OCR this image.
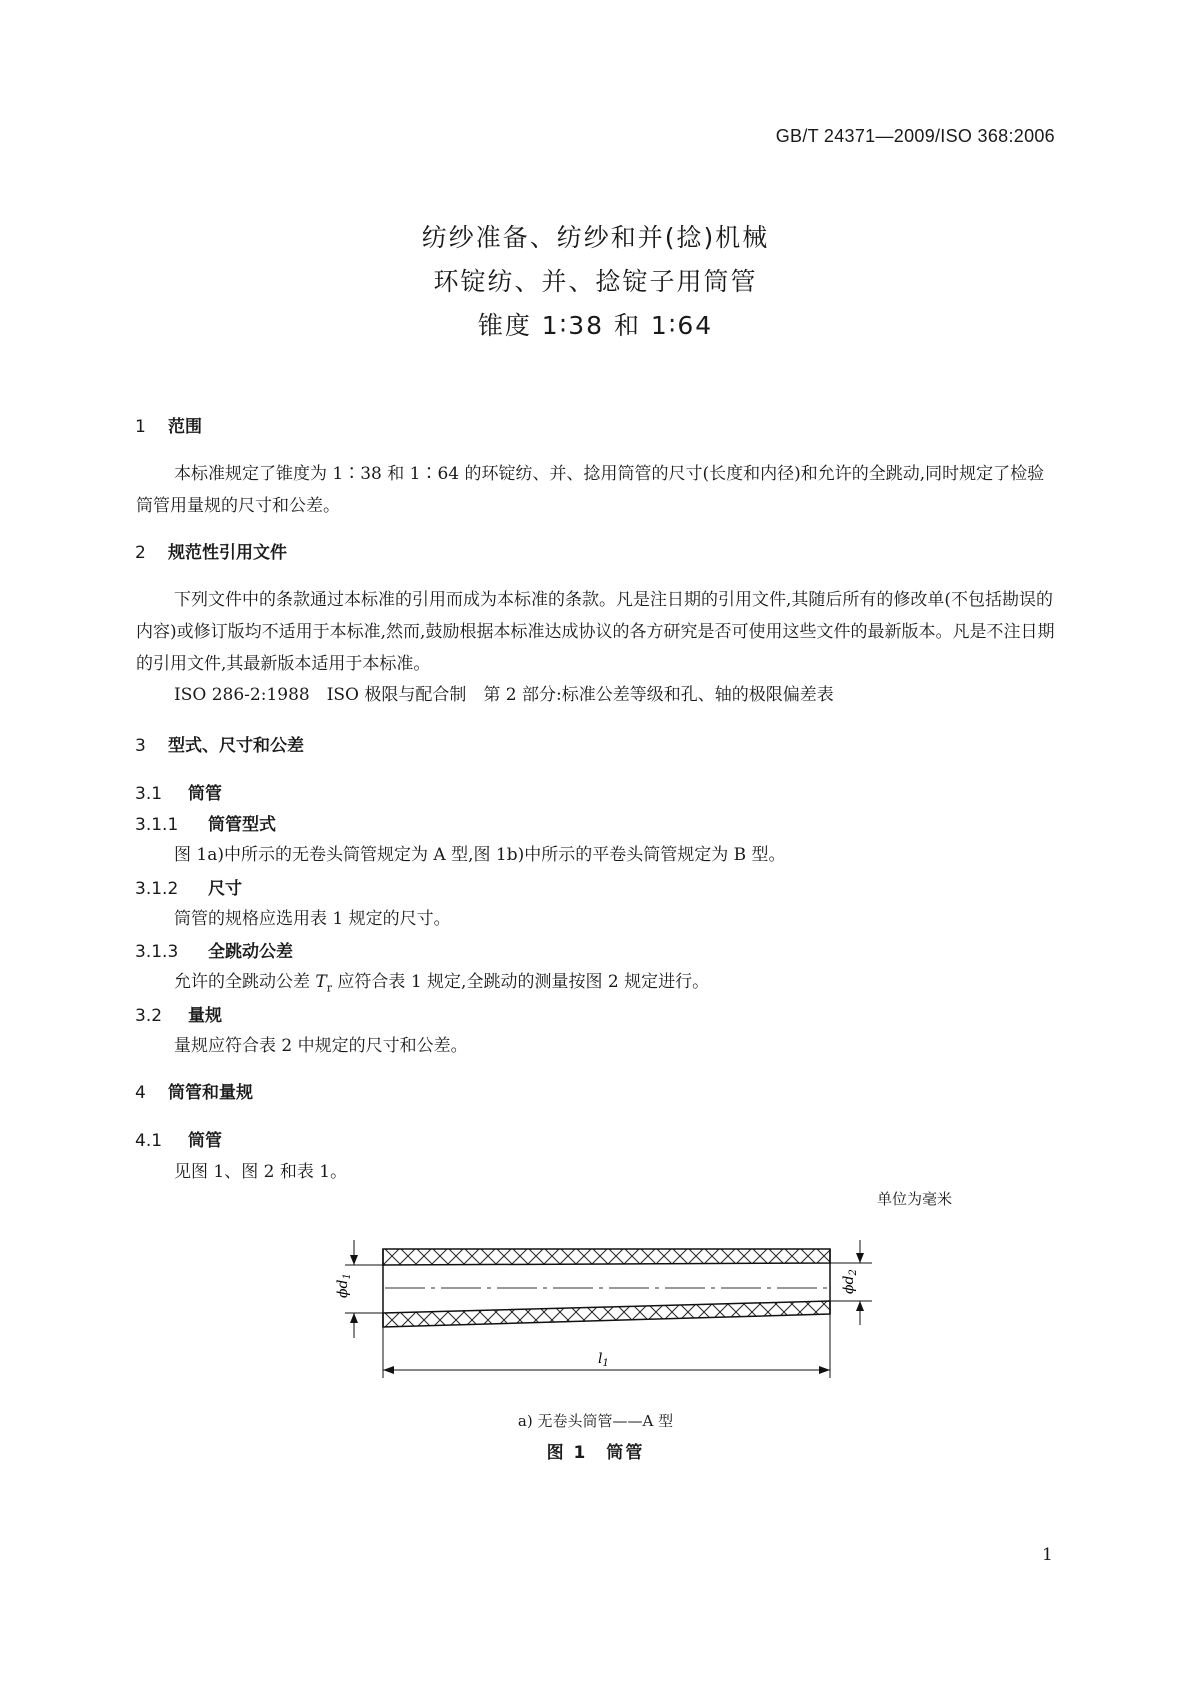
GB/T 24371—2009/ISO 368:2006
纺纱准备、纺纱和并(捻)机械
环锭纺、并、捻锭子用筒管
锥度 1∶38 和 1∶64
1 范围
本标准规定了锥度为 1∶38 和 1∶64 的环锭纺、并、捻用筒管的尺寸(长度和内径)和允许的全跳动,同时规定了检验筒管用量规的尺寸和公差。
2 规范性引用文件
下列文件中的条款通过本标准的引用而成为本标准的条款。凡是注日期的引用文件,其随后所有的修改单(不包括勘误的内容)或修订版均不适用于本标准,然而,鼓励根据本标准达成协议的各方研究是否可使用这些文件的最新版本。凡是不注日期的引用文件,其最新版本适用于本标准。
ISO 286-2:1988　ISO 极限与配合制　第 2 部分:标准公差等级和孔、轴的极限偏差表
3 型式、尺寸和公差
3.1 筒管
3.1.1 筒管型式
图 1a)中所示的无卷头筒管规定为 A 型,图 1b)中所示的平卷头筒管规定为 B 型。
3.1.2 尺寸
筒管的规格应选用表 1 规定的尺寸。
3.1.3 全跳动公差
允许的全跳动公差 $T_r$ 应符合表 1 规定,全跳动的测量按图 2 规定进行。
3.2 量规
量规应符合表 2 中规定的尺寸和公差。
4 筒管和量规
4.1 筒管
见图 1、图 2 和表 1。
单位为毫米
$\phi d_1$	$\phi d_2$
$l_1$
a) 无卷头筒管——A 型
图 1　筒管
1
